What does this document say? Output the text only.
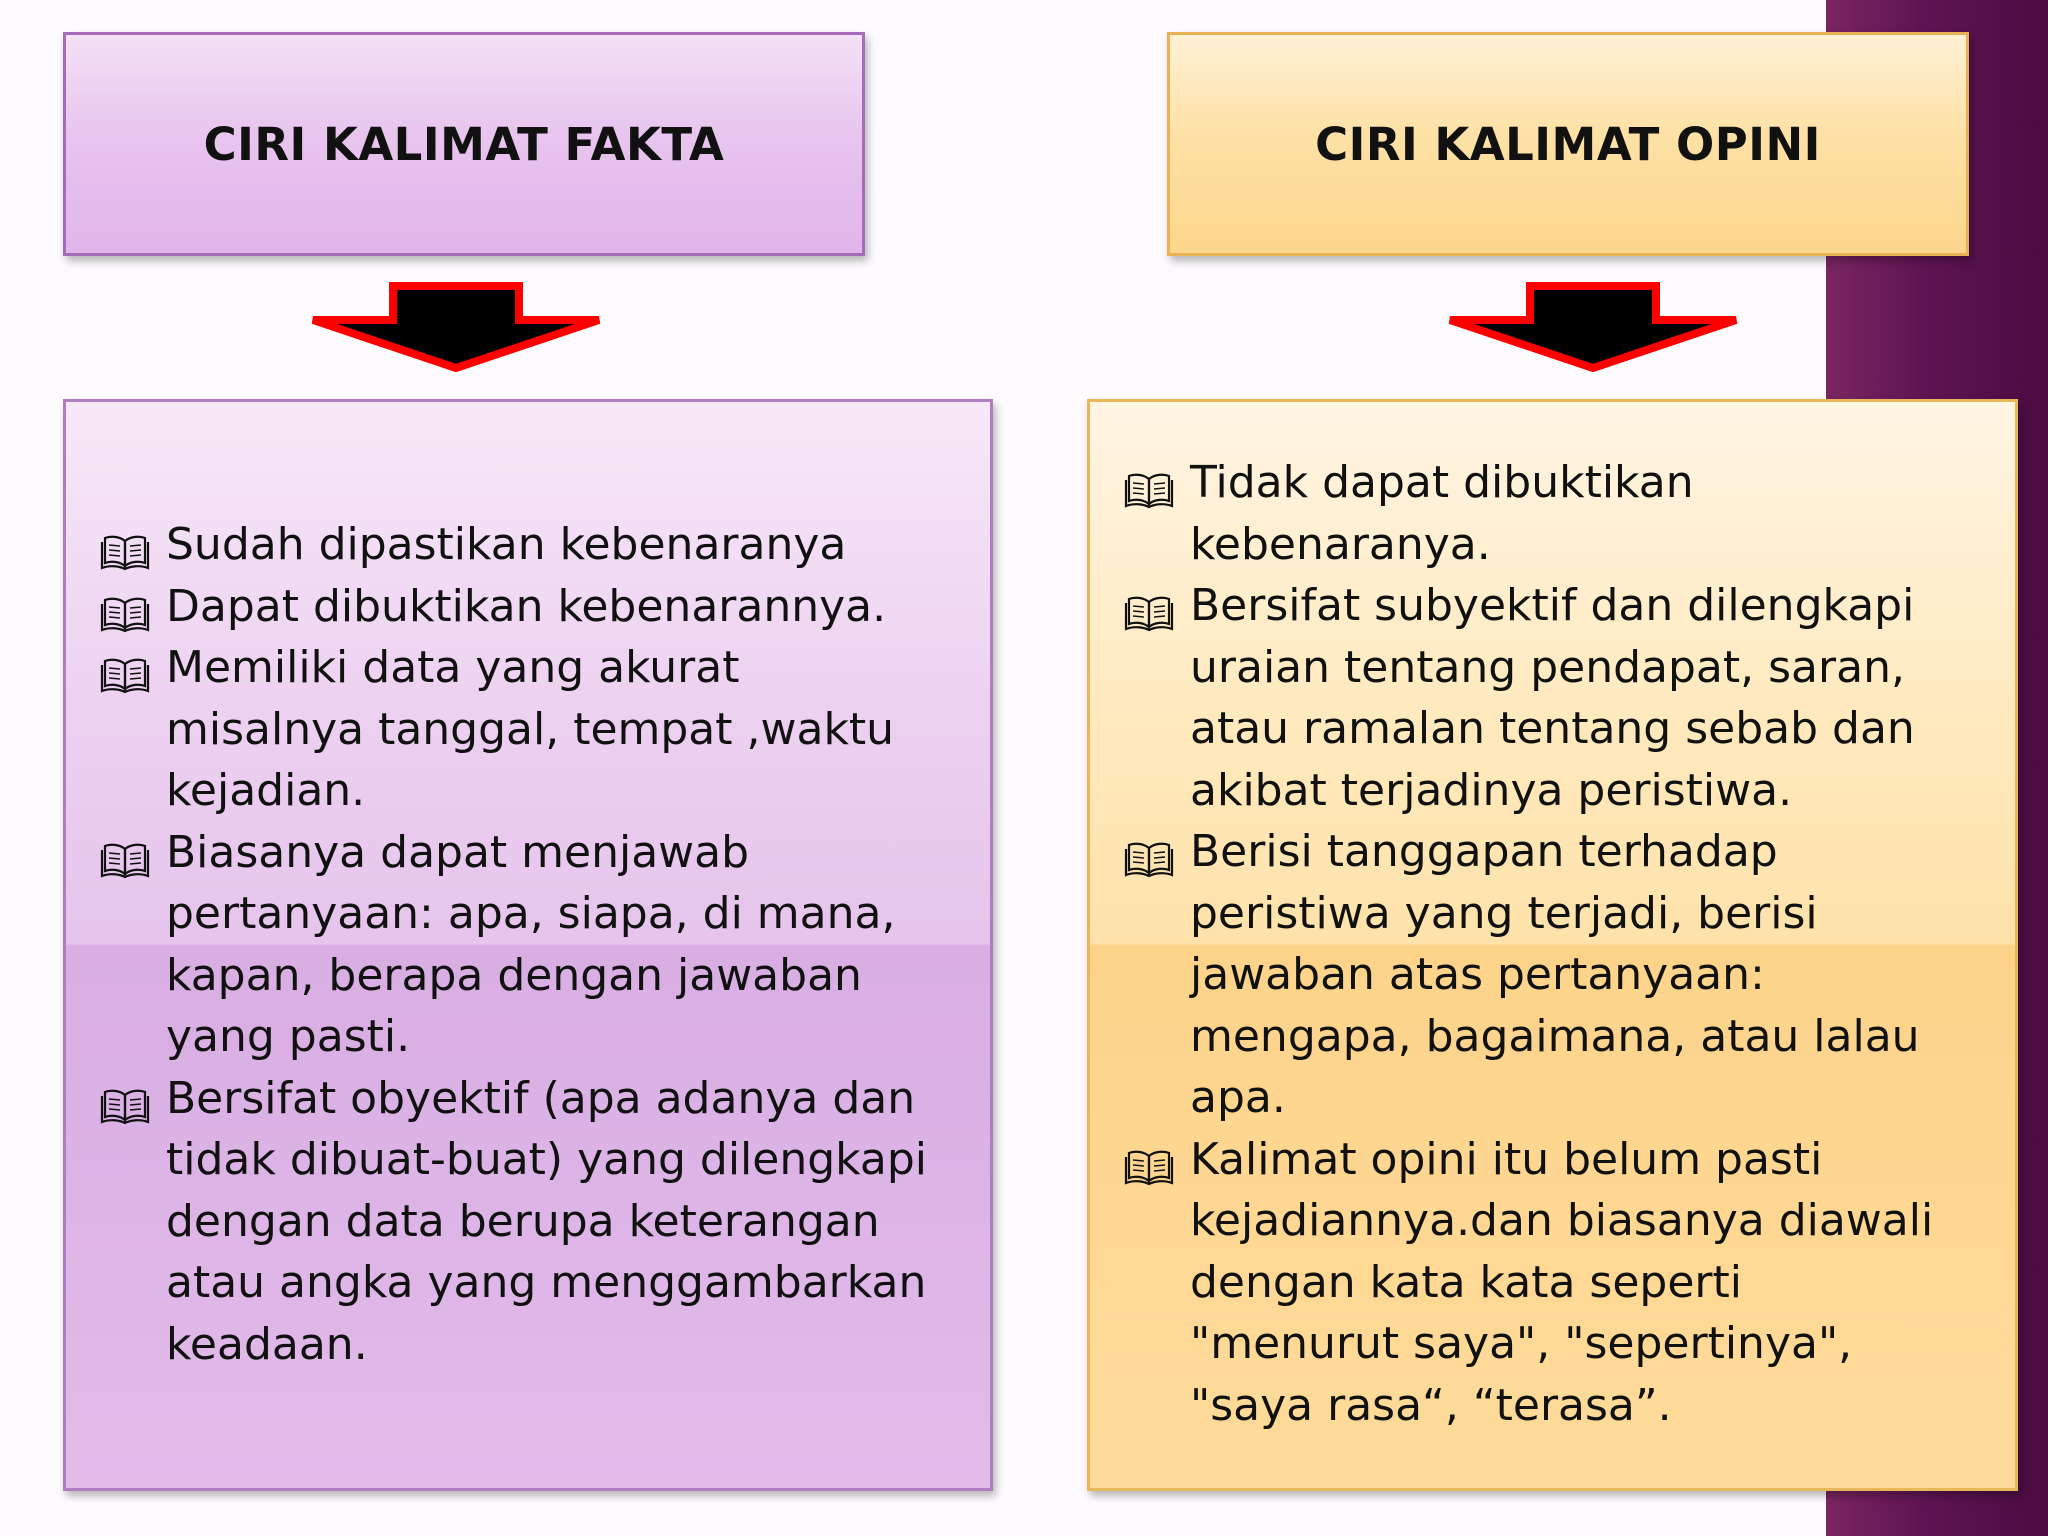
CIRI KALIMAT FAKTA	CIRI KALIMAT OPINI
Sudah dipastikan kebenaranya
Dapat dibuktikan kebenarannya.
Memiliki data yang akurat
misalnya tanggal, tempat ,waktu
kejadian.
Biasanya dapat menjawab
pertanyaan: apa, siapa, di mana,
kapan, berapa dengan jawaban
yang pasti.
Bersifat obyektif (apa adanya dan
tidak dibuat-buat) yang dilengkapi
dengan data berupa keterangan
atau angka yang menggambarkan
keadaan.
Tidak dapat dibuktikan
kebenaranya.
Bersifat subyektif dan dilengkapi
uraian tentang pendapat, saran,
atau ramalan tentang sebab dan
akibat terjadinya peristiwa.
Berisi tanggapan terhadap
peristiwa yang terjadi, berisi
jawaban atas pertanyaan:
mengapa, bagaimana, atau lalau
apa.
Kalimat opini itu belum pasti
kejadiannya.dan biasanya diawali
dengan kata kata seperti
"menurut saya", "sepertinya",
"saya rasa“, “terasa”.
